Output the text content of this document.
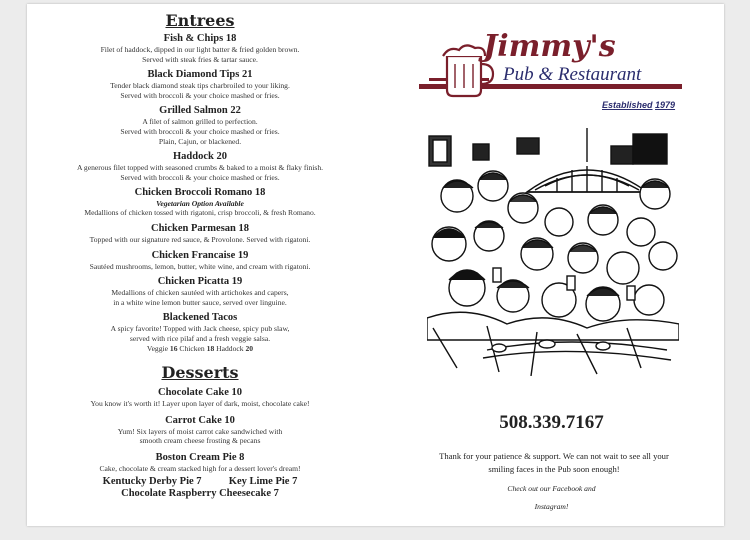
Entrees
Fish & Chips 18
Filet of haddock, dipped in our light batter & fried golden brown.
Served with steak fries & tartar sauce.
Black Diamond Tips 21
Tender black diamond steak tips charbroiled to your liking.
Served with broccoli & your choice mashed or fries.
Grilled Salmon 22
A filet of salmon grilled to perfection.
Served with broccoli & your choice mashed or fries.
Plain, Cajun, or blackened.
Haddock 20
A generous filet topped with seasoned crumbs & baked to a moist & flaky finish.
Served with broccoli & your choice mashed or fries.
Chicken Broccoli Romano 18
Vegetarian Option Available
Medallions of chicken tossed with rigatoni, crisp broccoli, & fresh Romano.
Chicken Parmesan 18
Topped with our signature red sauce, & Provolone. Served with rigatoni.
Chicken Francaise 19
Sautéed mushrooms, lemon, butter, white wine, and cream with rigatoni.
Chicken Picatta 19
Medallions of chicken sautéed with artichokes and capers,
in a white wine lemon butter sauce, served over linguine.
Blackened Tacos
A spicy favorite! Topped with Jack cheese, spicy pub slaw,
served with rice pilaf and a fresh veggie salsa.
Veggie 16 Chicken 18 Haddock 20
Desserts
Chocolate Cake 10
You know it's worth it! Layer upon layer of dark, moist, chocolate cake!
Carrot Cake 10
Yum! Six layers of moist carrot cake sandwiched with
smooth cream cheese frosting & pecans
Boston Cream Pie 8
Cake, chocolate & cream stacked high for a dessert lover's dream!
Kentucky Derby Pie 7	Key Lime Pie 7
Chocolate Raspberry Cheesecake 7
Jimmy's
Pub & Restaurant
Established 1979
508.339.7167
Thank for your patience & support. We can not wait to see all your smiling faces in the Pub soon enough!
Check out our Facebook and
Instagram!
